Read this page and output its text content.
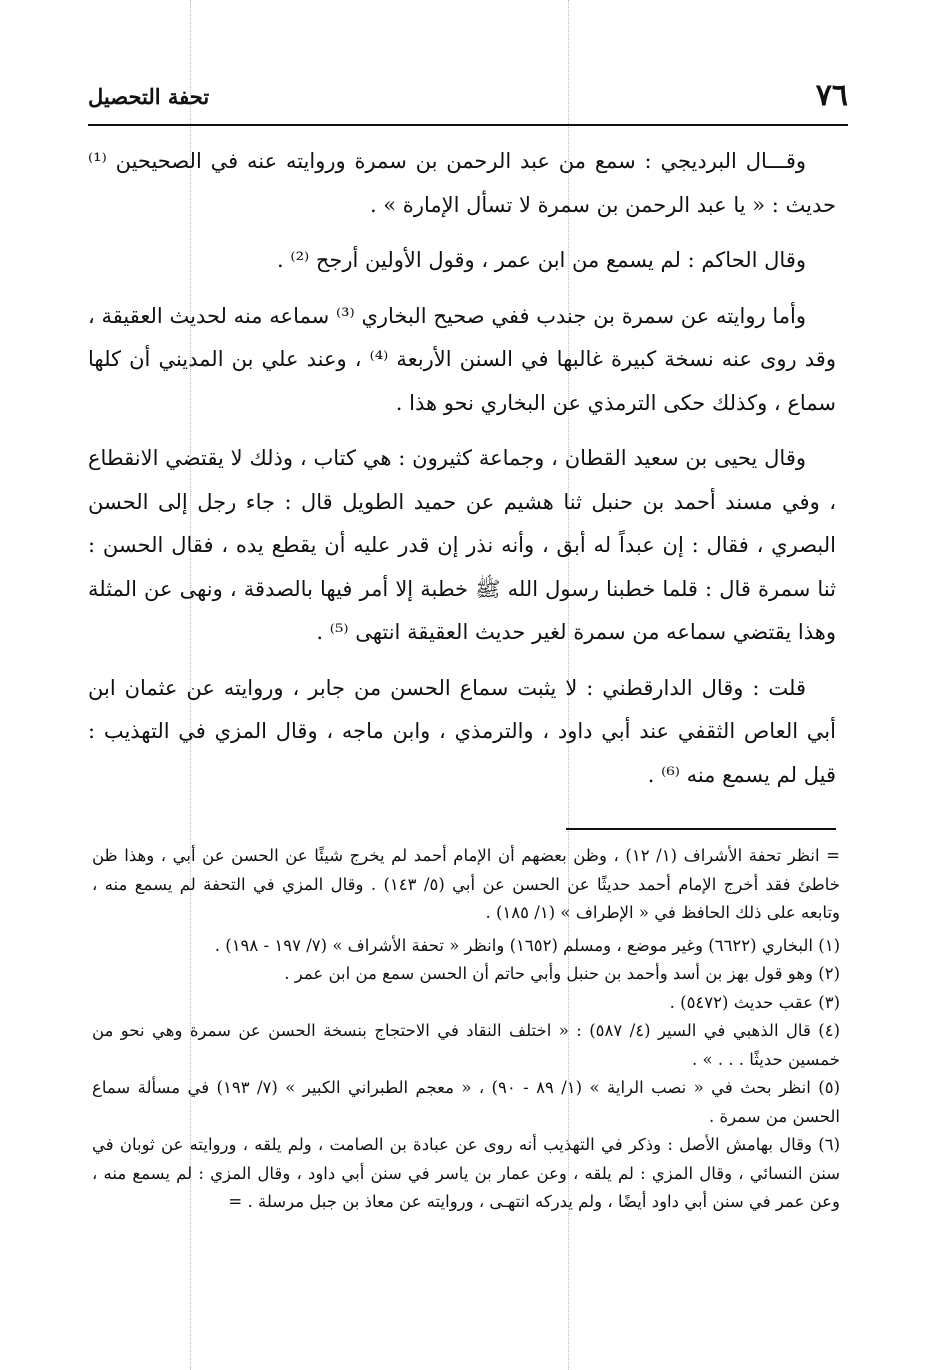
٧٦
تحفة التحصيل

وقـــال البرديجي : سمع من عبد الرحمن بن سمرة وروايته عنه في الصحيحين ⁽¹⁾ حديث : « يا عبد الرحمن بن سمرة لا تسأل الإمارة » .

وقال الحاكم : لم يسمع من ابن عمر ، وقول الأولين أرجح ⁽²⁾ .

وأما روايته عن سمرة بن جندب ففي صحيح البخاري ⁽³⁾ سماعه منه لحديث العقيقة ، وقد روى عنه نسخة كبيرة غالبها في السنن الأربعة ⁽⁴⁾ ، وعند علي بن المديني أن كلها سماع ، وكذلك حكى الترمذي عن البخاري نحو هذا .

وقال يحيى بن سعيد القطان ، وجماعة كثيرون : هي كتاب ، وذلك لا يقتضي الانقطاع ، وفي مسند أحمد بن حنبل ثنا هشيم عن حميد الطويل قال : جاء رجل إلى الحسن البصري ، فقال : إن عبداً له أبق ، وأنه نذر إن قدر عليه أن يقطع يده ، فقال الحسن : ثنا سمرة قال : قلما خطبنا رسول الله ﷺ خطبة إلا أمر فيها بالصدقة ، ونهى عن المثلة وهذا يقتضي سماعه من سمرة لغير حديث العقيقة انتهى ⁽⁵⁾ .

قلت : وقال الدارقطني : لا يثبت سماع الحسن من جابر ، وروايته عن عثمان ابن أبي العاص الثقفي عند أبي داود ، والترمذي ، وابن ماجه ، وقال المزي في التهذيب : قيل لم يسمع منه ⁽⁶⁾ .

= انظر تحفة الأشراف (١/ ١٢) ، وظن بعضهم أن الإمام أحمد لم يخرج شيئًا عن الحسن عن أبي ، وهذا ظن خاطئ فقد أخرج الإمام أحمد حديثًا عن الحسن عن أبي (٥/ ١٤٣) . وقال المزي في التحفة لم يسمع منه ، وتابعه على ذلك الحافظ في « الإطراف » (١/ ١٨٥) .
(١) البخاري (٦٦٢٢) وغير موضع ، ومسلم (١٦٥٢) وانظر « تحفة الأشراف » (٧/ ١٩٧ - ١٩٨) .
(٢) وهو قول بهز بن أسد وأحمد بن حنبل وأبي حاتم أن الحسن سمع من ابن عمر .
(٣) عقب حديث (٥٤٧٢) .
(٤) قال الذهبي في السير (٤/ ٥٨٧) : « اختلف النقاد في الاحتجاج بنسخة الحسن عن سمرة وهي نحو من خمسين حديثًا . . . » .
(٥) انظر بحث في « نصب الراية » (١/ ٨٩ - ٩٠) ، « معجم الطبراني الكبير » (٧/ ١٩٣) في مسألة سماع الحسن من سمرة .
(٦) وقال بهامش الأصل : وذكر في التهذيب أنه روى عن عبادة بن الصامت ، ولم يلقه ، وروايته عن ثوبان في سنن النسائي ، وقال المزي : لم يلقه ، وعن عمار بن ياسر في سنن أبي داود ، وقال المزي : لم يسمع منه ، وعن عمر في سنن أبي داود أيضًا ، ولم يدركه انتهـى ، وروايته عن معاذ بن جبل مرسلة . =
